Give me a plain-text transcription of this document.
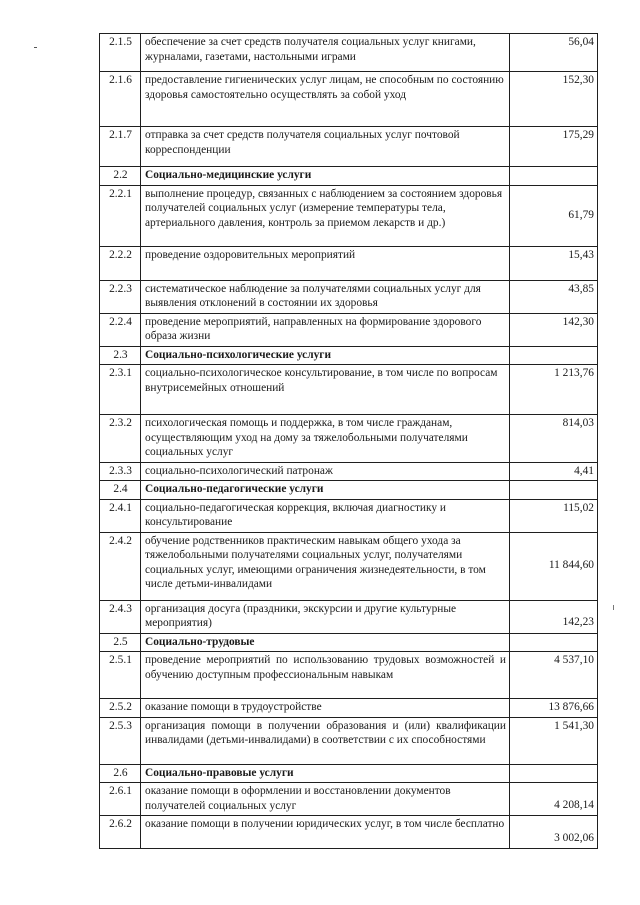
2.1.5	обеспечение за счет средств получателя социальных услуг книгами, журналами, газетами, настольными играми	56,04
2.1.6	предоставление гигиенических услуг лицам, не способным по состоянию здоровья самостоятельно осуществлять за собой уход	152,30
2.1.7	отправка за счет средств получателя социальных услуг почтовой корреспонденции	175,29
2.2	Социально-медицинские услуги	
2.2.1	выполнение процедур, связанных с наблюдением за состоянием здоровья получателей социальных услуг (измерение температуры тела, артериального давления, контроль за приемом лекарств и др.)	61,79
2.2.2	проведение оздоровительных мероприятий	15,43
2.2.3	систематическое наблюдение за получателями социальных услуг для выявления отклонений в состоянии их здоровья	43,85
2.2.4	проведение мероприятий, направленных на формирование здорового образа жизни	142,30
2.3	Социально-психологические услуги	
2.3.1	социально-психологическое консультирование, в том числе по вопросам внутрисемейных отношений	1 213,76
2.3.2	психологическая помощь и поддержка, в том числе гражданам, осуществляющим уход на дому за тяжелобольными получателями социальных услуг	814,03
2.3.3	социально-психологический патронаж	4,41
2.4	Социально-педагогические услуги	
2.4.1	социально-педагогическая коррекция, включая диагностику и консультирование	115,02
2.4.2	обучение родственников практическим навыкам общего ухода за тяжелобольными получателями социальных услуг, получателями социальных услуг, имеющими ограничения жизнедеятельности, в том числе детьми-инвалидами	11 844,60
2.4.3	организация досуга (праздники, экскурсии и другие культурные мероприятия)	142,23
2.5	Социально-трудовые	
2.5.1	проведение мероприятий по использованию трудовых возможностей и обучению доступным профессиональным навыкам	4 537,10
2.5.2	оказание помощи в трудоустройстве	13 876,66
2.5.3	организация помощи в получении образования и (или) квалификации инвалидами (детьми-инвалидами) в соответствии с их способностями	1 541,30
2.6	Социально-правовые услуги	
2.6.1	оказание помощи в оформлении и восстановлении документов получателей социальных услуг	4 208,14
2.6.2	оказание помощи в получении юридических услуг, в том числе бесплатно	3 002,06
